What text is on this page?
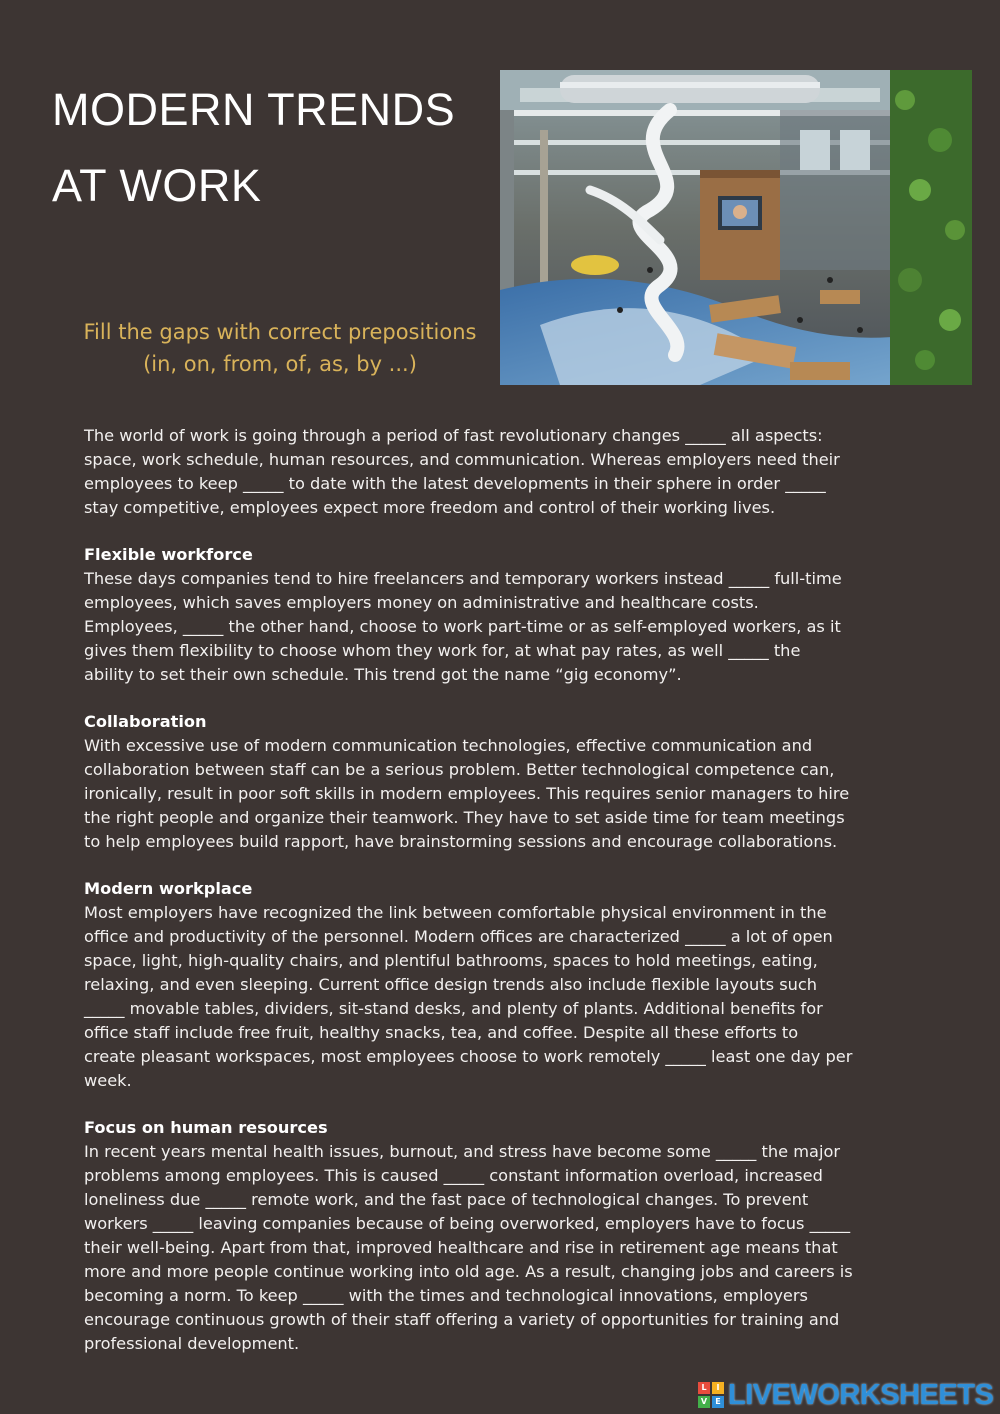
MODERN TRENDS
AT WORK
Fill the gaps with correct prepositions
(in, on, from, of, as, by ...)

The world of work is going through a period of fast revolutionary changes _____ all aspects: space, work schedule, human resources, and communication. Whereas employers need their employees to keep _____ to date with the latest developments in their sphere in order _____ stay competitive, employees expect more freedom and control of their working lives.

Flexible workforce

These days companies tend to hire freelancers and temporary workers instead _____ full-time employees, which saves employers money on administrative and healthcare costs. Employees, _____ the other hand, choose to work part-time or as self-employed workers, as it gives them flexibility to choose whom they work for, at what pay rates, as well _____ the ability to set their own schedule. This trend got the name “gig economy”.

Collaboration

With excessive use of modern communication technologies, effective communication and collaboration between staff can be a serious problem. Better technological competence can, ironically, result in poor soft skills in modern employees. This requires senior managers to hire the right people and organize their teamwork. They have to set aside time for team meetings to help employees build rapport, have brainstorming sessions and encourage collaborations.

Modern workplace

Most employers have recognized the link between comfortable physical environment in the office and productivity of the personnel. Modern offices are characterized _____ a lot of open space, light, high-quality chairs, and plentiful bathrooms, spaces to hold meetings, eating, relaxing, and even sleeping. Current office design trends also include flexible layouts such _____ movable tables, dividers, sit-stand desks, and plenty of plants. Additional benefits for office staff include free fruit, healthy snacks, tea, and coffee. Despite all these efforts to create pleasant workspaces, most employees choose to work remotely _____ least one day per week.

Focus on human resources

In recent years mental health issues, burnout, and stress have become some _____ the major problems among employees. This is caused _____ constant information overload, increased loneliness due _____ remote work, and the fast pace of technological changes. To prevent workers _____ leaving companies because of being overworked, employers have to focus _____ their well-being. Apart from that, improved healthcare and rise in retirement age means that more and more people continue working into old age. As a result, changing jobs and careers is becoming a norm. To keep _____ with the times and technological innovations, employers encourage continuous growth of their staff offering a variety of opportunities for training and professional development.

L	I
V	E LIVEWORKSHEETS
